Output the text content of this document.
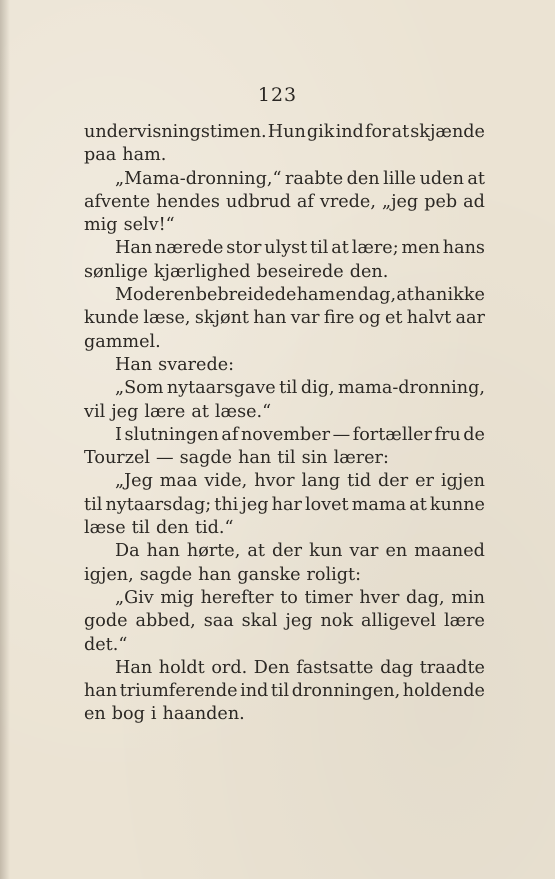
123
undervisningstimen. Hun gik ind for at skjænde
paa ham.
„Mama-dronning,“ raabte den lille uden at
afvente hendes udbrud af vrede, „jeg peb ad
mig selv!“
Han nærede stor ulyst til at lære; men hans
sønlige kjærlighed beseirede den.
Moderen bebreidede ham en dag, at han ikke
kunde læse, skjønt han var fire og et halvt aar
gammel.
Han svarede:
„Som nytaarsgave til dig, mama-dronning,
vil jeg lære at læse.“
I slutningen af november — fortæller fru de
Tourzel — sagde han til sin lærer:
„Jeg maa vide, hvor lang tid der er igjen
til nytaarsdag; thi jeg har lovet mama at kunne
læse til den tid.“
Da han hørte, at der kun var en maaned
igjen, sagde han ganske roligt:
„Giv mig herefter to timer hver dag, min
gode abbed, saa skal jeg nok alligevel lære
det.“
Han holdt ord. Den fastsatte dag traadte
han triumferende ind til dronningen, holdende
en bog i haanden.
